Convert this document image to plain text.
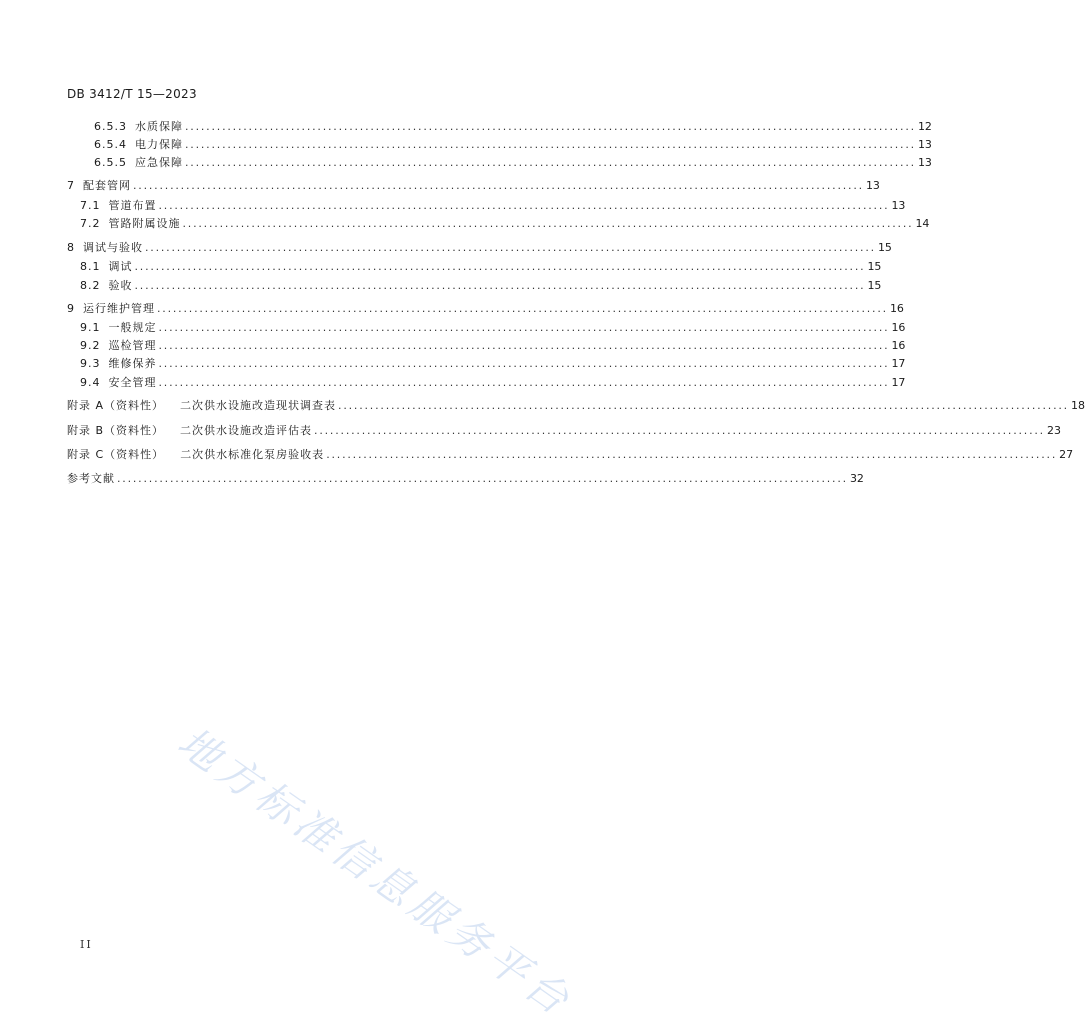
DB 3412/T 15—2023
6.5.3 水质保障 .......................................................................................................................................... 12
6.5.4 电力保障 .......................................................................................................................................... 13
6.5.5 应急保障 .......................................................................................................................................... 13
7 配套管网 .......................................................................................................................................... 13
7.1 管道布置 .......................................................................................................................................... 13
7.2 管路附属设施 .......................................................................................................................................... 14
8 调试与验收 .......................................................................................................................................... 15
8.1 调试 .......................................................................................................................................... 15
8.2 验收 .......................................................................................................................................... 15
9 运行维护管理 .......................................................................................................................................... 16
9.1 一般规定 .......................................................................................................................................... 16
9.2 巡检管理 .......................................................................................................................................... 16
9.3 维修保养 .......................................................................................................................................... 17
9.4 安全管理 .......................................................................................................................................... 17
附录 A（资料性） 二次供水设施改造现状调查表 .......................................................................................................................................... 18
附录 B（资料性） 二次供水设施改造评估表 .......................................................................................................................................... 23
附录 C（资料性） 二次供水标准化泵房验收表 .......................................................................................................................................... 27
参考文献 .......................................................................................................................................... 32
地方标准信息服务平台
II
